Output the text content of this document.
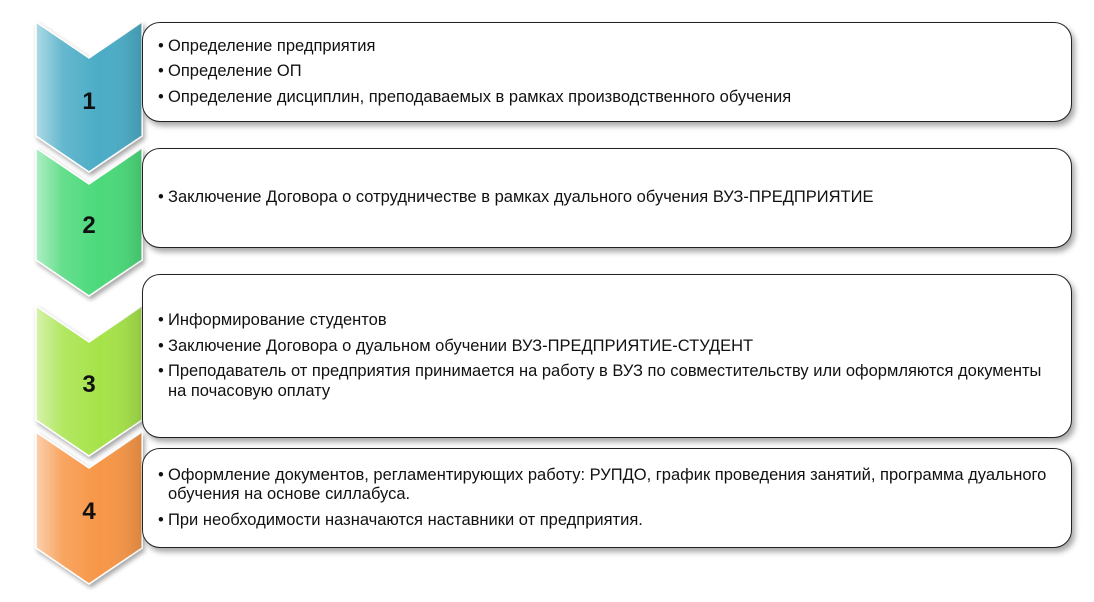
1
2
3
4
• Определение предприятия
• Определение ОП
• Определение дисциплин, преподаваемых в рамках производственного обучения
• Заключение Договора о сотрудничестве в рамках дуального обучения ВУЗ-ПРЕДПРИЯТИЕ
• Информирование студентов
• Заключение Договора о дуальном обучении ВУЗ-ПРЕДПРИЯТИЕ-СТУДЕНТ
• Преподаватель от предприятия принимается на работу в ВУЗ по совместительству или оформляются документы на почасовую оплату
• Оформление документов, регламентирующих работу: РУПДО, график проведения занятий, программа дуального обучения на основе силлабуса.
• При необходимости назначаются наставники от предприятия.
